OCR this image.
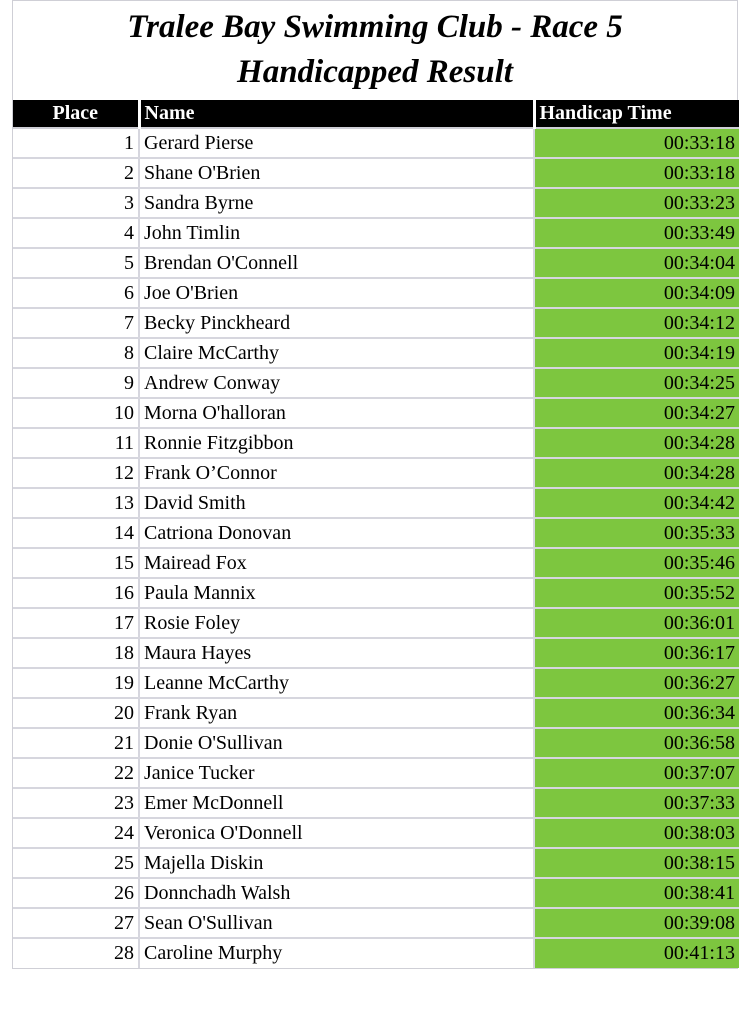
Tralee Bay Swimming Club - Race 5
Handicapped Result
Place	Name	Handicap Time
1	Gerard Pierse	00:33:18
2	Shane O'Brien	00:33:18
3	Sandra Byrne	00:33:23
4	John Timlin	00:33:49
5	Brendan O'Connell	00:34:04
6	Joe O'Brien	00:34:09
7	Becky Pinckheard	00:34:12
8	Claire McCarthy	00:34:19
9	Andrew Conway	00:34:25
10	Morna O'halloran	00:34:27
11	Ronnie Fitzgibbon	00:34:28
12	Frank O’Connor	00:34:28
13	David Smith	00:34:42
14	Catriona Donovan	00:35:33
15	Mairead Fox	00:35:46
16	Paula Mannix	00:35:52
17	Rosie Foley	00:36:01
18	Maura Hayes	00:36:17
19	Leanne McCarthy	00:36:27
20	Frank Ryan	00:36:34
21	Donie O'Sullivan	00:36:58
22	Janice Tucker	00:37:07
23	Emer McDonnell	00:37:33
24	Veronica O'Donnell	00:38:03
25	Majella Diskin	00:38:15
26	Donnchadh Walsh	00:38:41
27	Sean O'Sullivan	00:39:08
28	Caroline Murphy	00:41:13
